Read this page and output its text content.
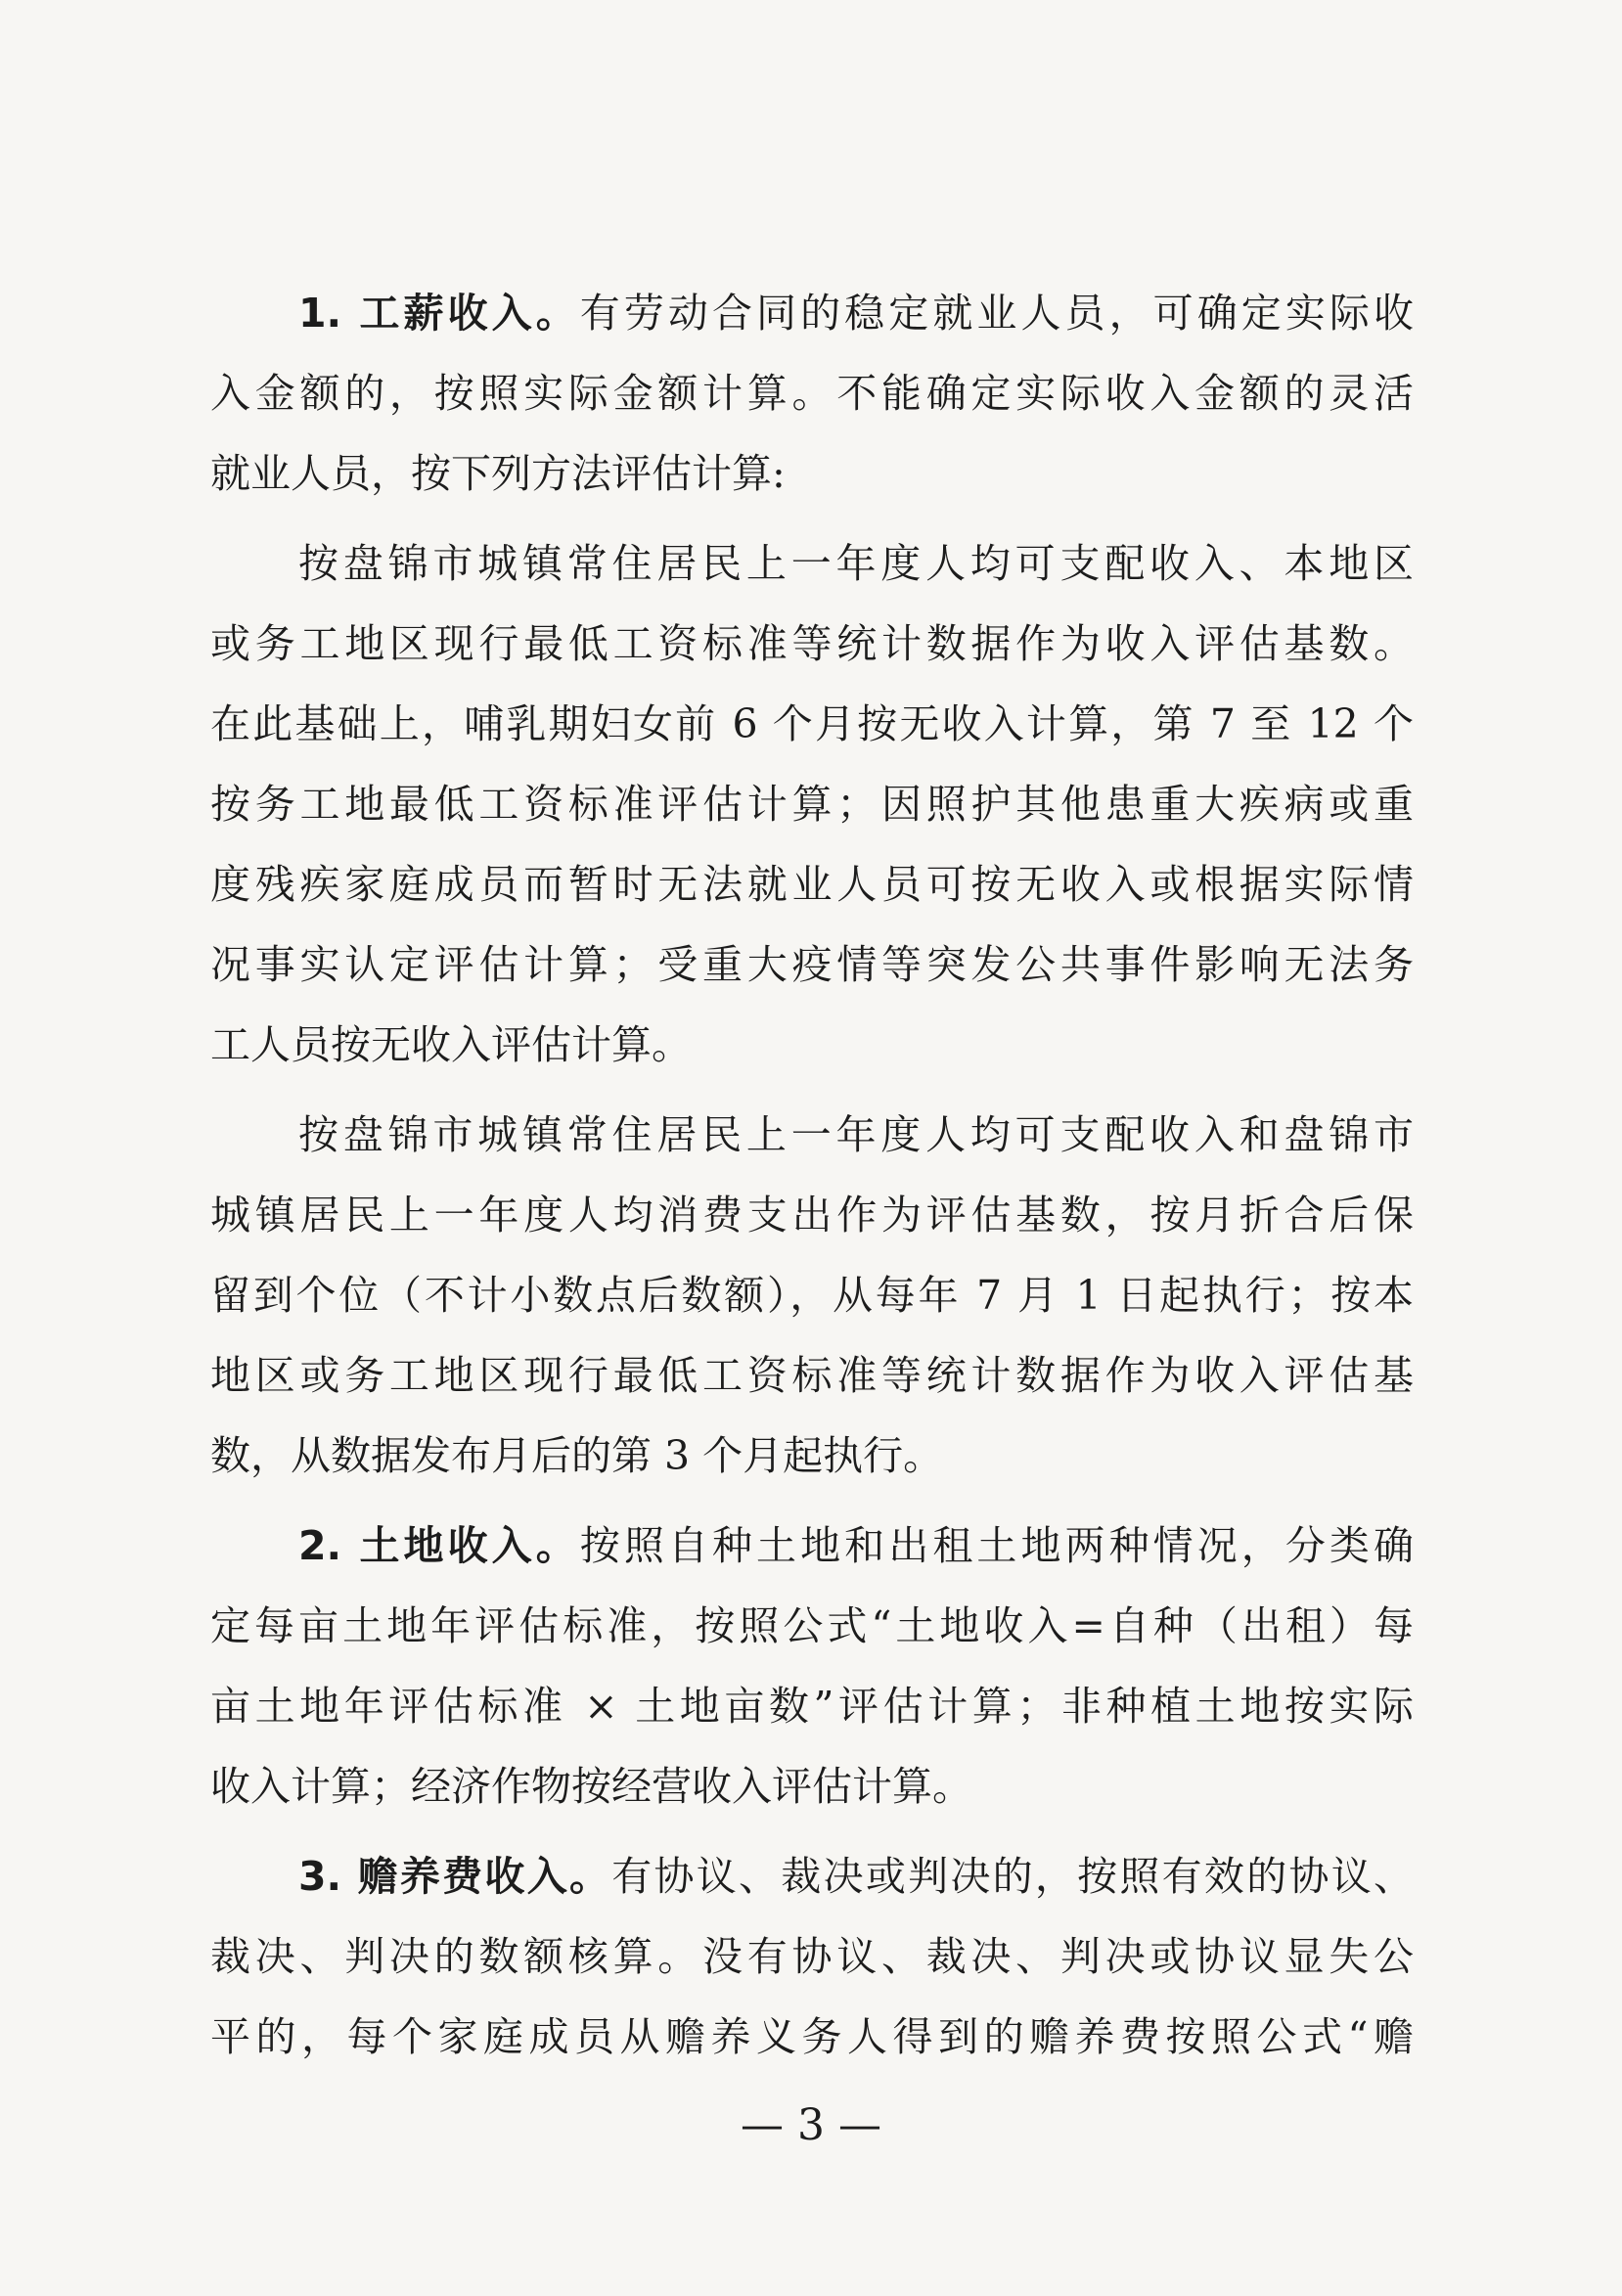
1. 工薪收入。有劳动合同的稳定就业人员，可确定实际收
入金额的，按照实际金额计算。不能确定实际收入金额的灵活
就业人员，按下列方法评估计算:
按盘锦市城镇常住居民上一年度人均可支配收入、本地区
或务工地区现行最低工资标准等统计数据作为收入评估基数。
在此基础上，哺乳期妇女前 6 个月按无收入计算，第 7 至 12 个
按务工地最低工资标准评估计算；因照护其他患重大疾病或重
度残疾家庭成员而暂时无法就业人员可按无收入或根据实际情
况事实认定评估计算；受重大疫情等突发公共事件影响无法务
工人员按无收入评估计算。
按盘锦市城镇常住居民上一年度人均可支配收入和盘锦市
城镇居民上一年度人均消费支出作为评估基数，按月折合后保
留到个位（不计小数点后数额），从每年 7 月 1 日起执行；按本
地区或务工地区现行最低工资标准等统计数据作为收入评估基
数，从数据发布月后的第 3 个月起执行。
2. 土地收入。按照自种土地和出租土地两种情况，分类确
定每亩土地年评估标准，按照公式“土地收入=自种（出租）每
亩土地年评估标准 × 土地亩数”评估计算；非种植土地按实际
收入计算；经济作物按经营收入评估计算。
3. 赡养费收入。有协议、裁决或判决的，按照有效的协议、
裁决、判决的数额核算。没有协议、裁决、判决或协议显失公
平的，每个家庭成员从赡养义务人得到的赡养费按照公式“赡
— 3 —
